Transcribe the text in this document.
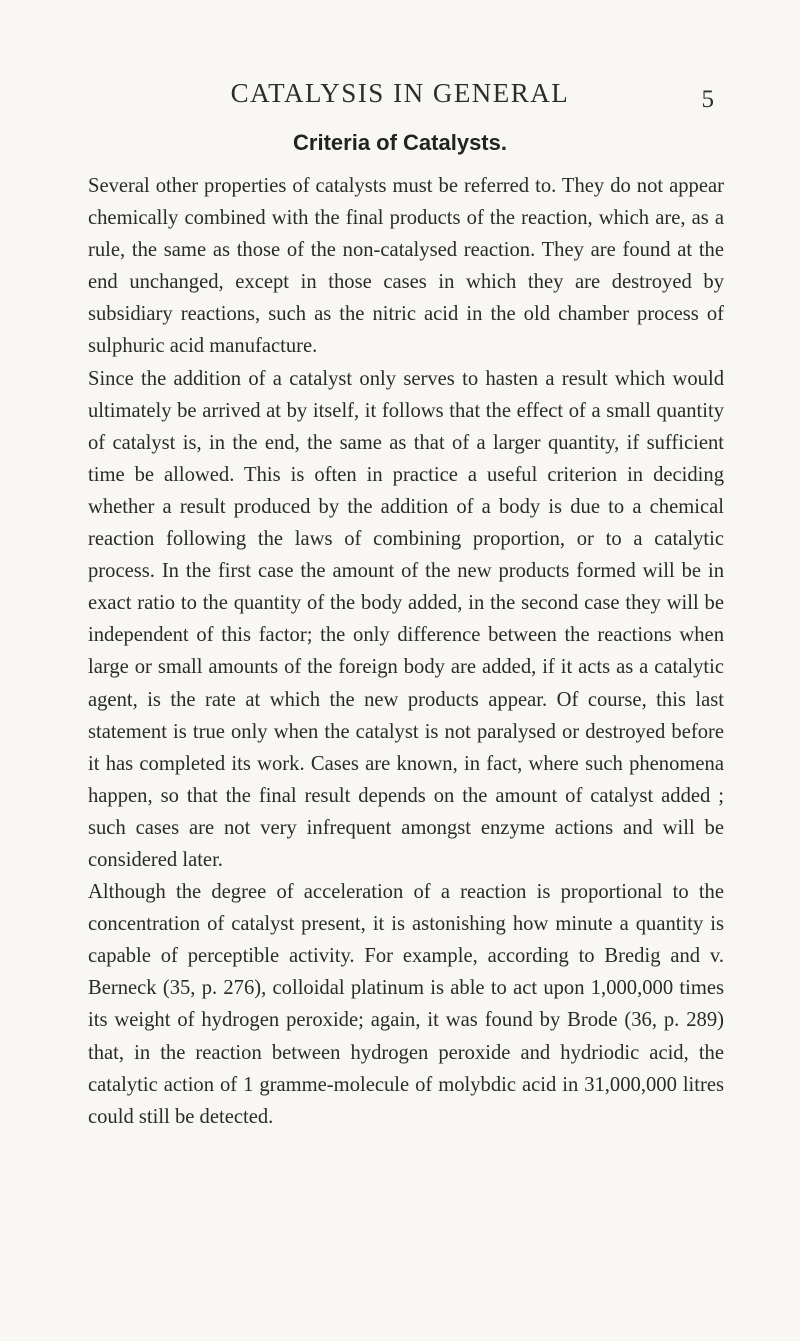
CATALYSIS IN GENERAL	5
Criteria of Catalysts.

Several other properties of catalysts must be referred to. They do not appear chemically combined with the final products of the reaction, which are, as a rule, the same as those of the non-catalysed reaction. They are found at the end unchanged, except in those cases in which they are destroyed by subsidiary reactions, such as the nitric acid in the old chamber process of sulphuric acid manufacture.

Since the addition of a catalyst only serves to hasten a result which would ultimately be arrived at by itself, it follows that the effect of a small quantity of catalyst is, in the end, the same as that of a larger quantity, if sufficient time be allowed. This is often in practice a useful criterion in deciding whether a result produced by the addition of a body is due to a chemical reaction following the laws of combining proportion, or to a catalytic process. In the first case the amount of the new products formed will be in exact ratio to the quantity of the body added, in the second case they will be independent of this factor; the only difference between the reactions when large or small amounts of the foreign body are added, if it acts as a catalytic agent, is the rate at which the new products appear. Of course, this last statement is true only when the catalyst is not paralysed or destroyed before it has completed its work. Cases are known, in fact, where such phenomena happen, so that the final result depends on the amount of catalyst added ; such cases are not very infrequent amongst enzyme actions and will be considered later.

Although the degree of acceleration of a reaction is proportional to the concentration of catalyst present, it is astonishing how minute a quantity is capable of perceptible activity. For example, according to Bredig and v. Berneck (35, p. 276), colloidal platinum is able to act upon 1,000,000 times its weight of hydrogen peroxide; again, it was found by Brode (36, p. 289) that, in the reaction between hydrogen peroxide and hydriodic acid, the catalytic action of 1 gramme-molecule of molybdic acid in 31,000,000 litres could still be detected.
